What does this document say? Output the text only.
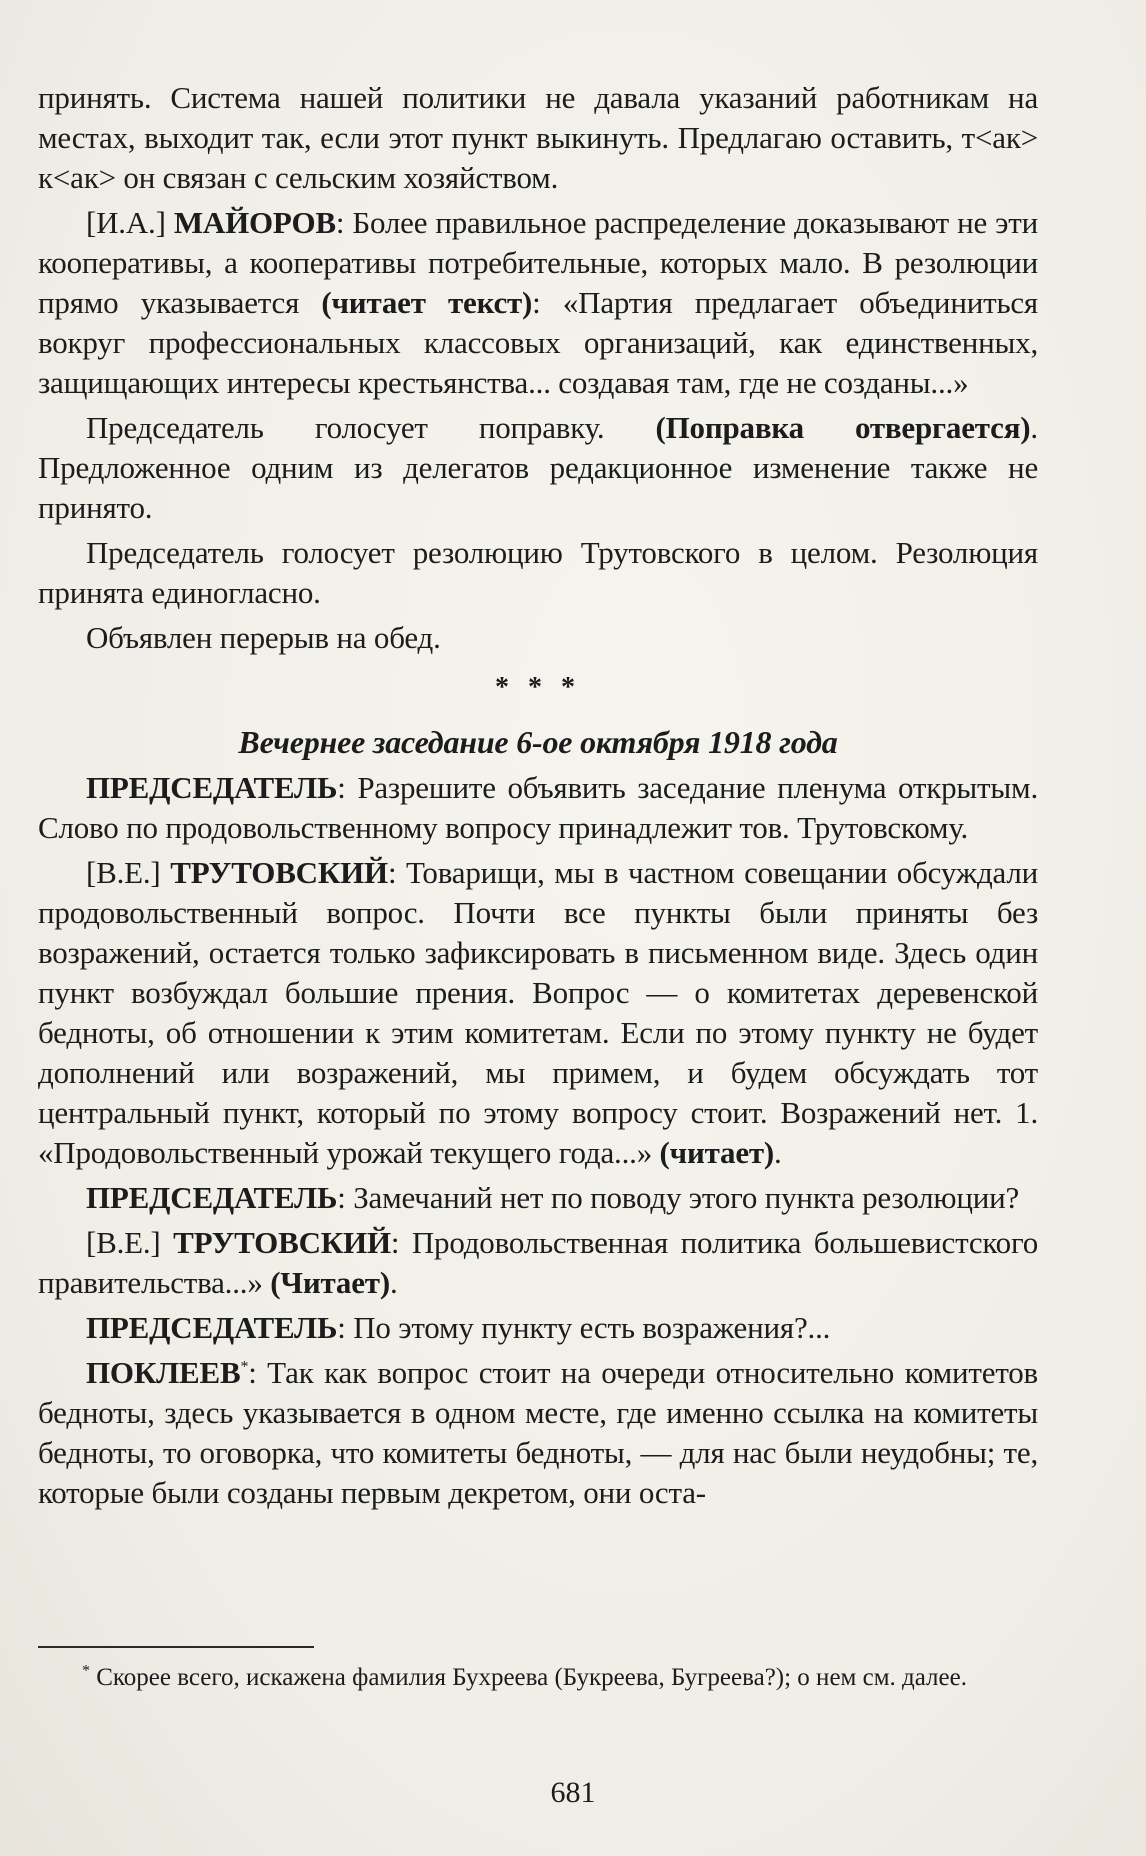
принять. Система нашей политики не давала указаний работникам на местах, выходит так, если этот пункт выкинуть. Предлагаю оставить, т<ак> к<ак> он связан с сельским хозяйством.

[И.А.] МАЙОРОВ: Более правильное распределение доказывают не эти кооперативы, а кооперативы потребительные, которых мало. В резолюции прямо указывается (читает текст): «Партия предлагает объединиться вокруг профессиональных классовых организаций, как единственных, защищающих интересы крестьянства... создавая там, где не созданы...»

Председатель голосует поправку. (Поправка отвергается). Предложенное одним из делегатов редакционное изменение также не принято.

Председатель голосует резолюцию Трутовского в целом. Резолюция принята единогласно.

Объявлен перерыв на обед.

* * *
Вечернее заседание 6-ое октября 1918 года

ПРЕДСЕДАТЕЛЬ: Разрешите объявить заседание пленума открытым. Слово по продовольственному вопросу принадлежит тов. Трутовскому.

[В.Е.] ТРУТОВСКИЙ: Товарищи, мы в частном совещании обсуждали продовольственный вопрос. Почти все пункты были приняты без возражений, остается только зафиксировать в письменном виде. Здесь один пункт возбуждал большие прения. Вопрос — о комитетах деревенской бедноты, об отношении к этим комитетам. Если по этому пункту не будет дополнений или возражений, мы примем, и будем обсуждать тот центральный пункт, который по этому вопросу стоит. Возражений нет. 1. «Продовольственный урожай текущего года...» (читает).

ПРЕДСЕДАТЕЛЬ: Замечаний нет по поводу этого пункта резолюции?

[В.Е.] ТРУТОВСКИЙ: Продовольственная политика большевистского правительства...» (Читает).

ПРЕДСЕДАТЕЛЬ: По этому пункту есть возражения?...

ПОКЛЕЕВ*: Так как вопрос стоит на очереди относительно комитетов бедноты, здесь указывается в одном месте, где именно ссылка на комитеты бедноты, то оговорка, что комитеты бедноты, — для нас были неудобны; те, которые были созданы первым декретом, они оста-

* Скорее всего, искажена фамилия Бухреева (Букреева, Бугреева?); о нем см. далее.
681
